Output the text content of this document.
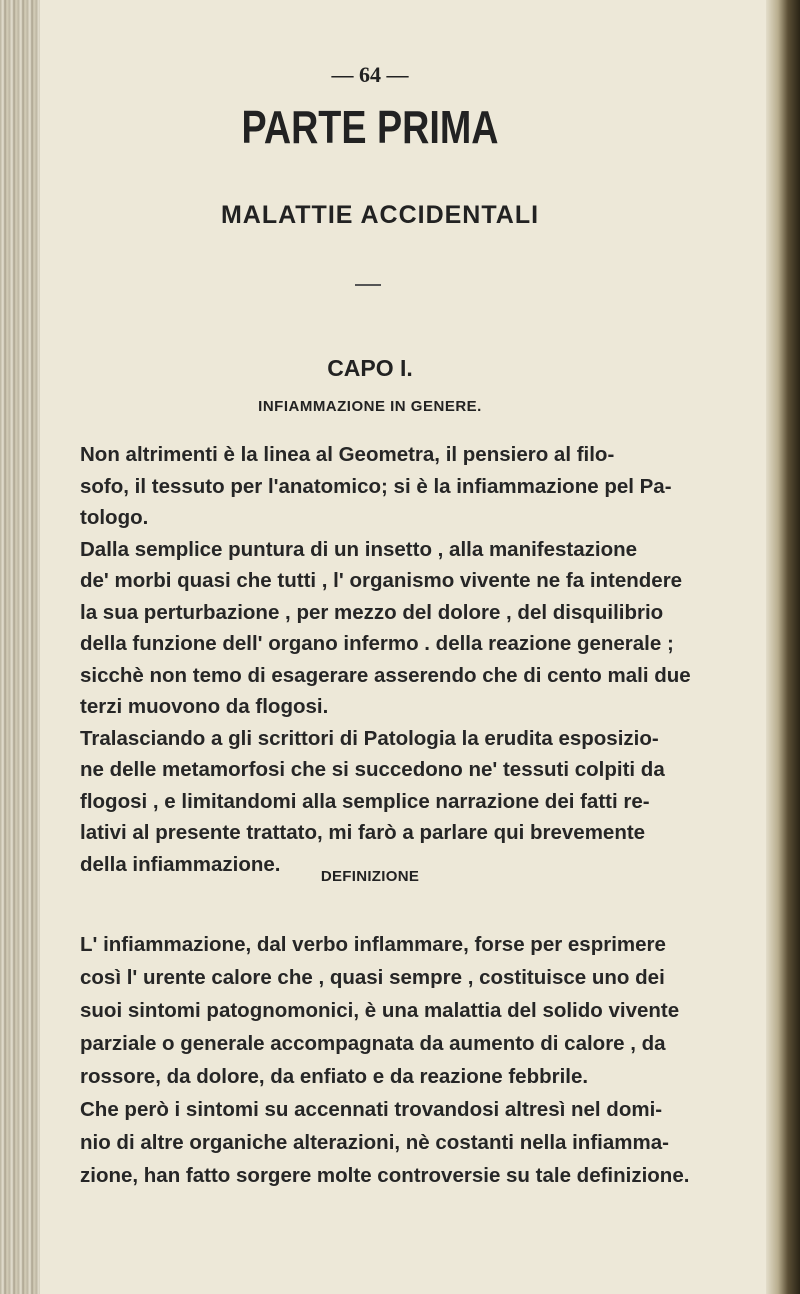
— 64 —
PARTE PRIMA
MALATTIE ACCIDENTALI
CAPO I.
INFIAMMAZIONE IN GENERE.
Non altrimenti è la linea al Geometra, il pensiero al filo-
sofo, il tessuto per l'anatomico; si è la infiammazione pel Pa-
tologo.
Dalla semplice puntura di un insetto , alla manifestazione
de' morbi quasi che tutti , l' organismo vivente ne fa intendere
la sua perturbazione , per mezzo del dolore , del disquilibrio
della funzione dell' organo infermo . della reazione generale ;
sicchè non temo di esagerare asserendo che di cento mali due
terzi muovono da flogosi.
Tralasciando a gli scrittori di Patologia la erudita esposizio-
ne delle metamorfosi che si succedono ne' tessuti colpiti da
flogosi , e limitandomi alla semplice narrazione dei fatti re-
lativi al presente trattato, mi farò a parlare qui brevemente
della infiammazione.
DEFINIZIONE
L' infiammazione, dal verbo inflammare, forse per esprimere
così l' urente calore che , quasi sempre , costituisce uno dei
suoi sintomi patognomonici, è una malattia del solido vivente
parziale o generale accompagnata da aumento di calore , da
rossore, da dolore, da enfiato e da reazione febbrile.
Che però i sintomi su accennati trovandosi altresì nel domi-
nio di altre organiche alterazioni, nè costanti nella infiamma-
zione, han fatto sorgere molte controversie su tale definizione.
